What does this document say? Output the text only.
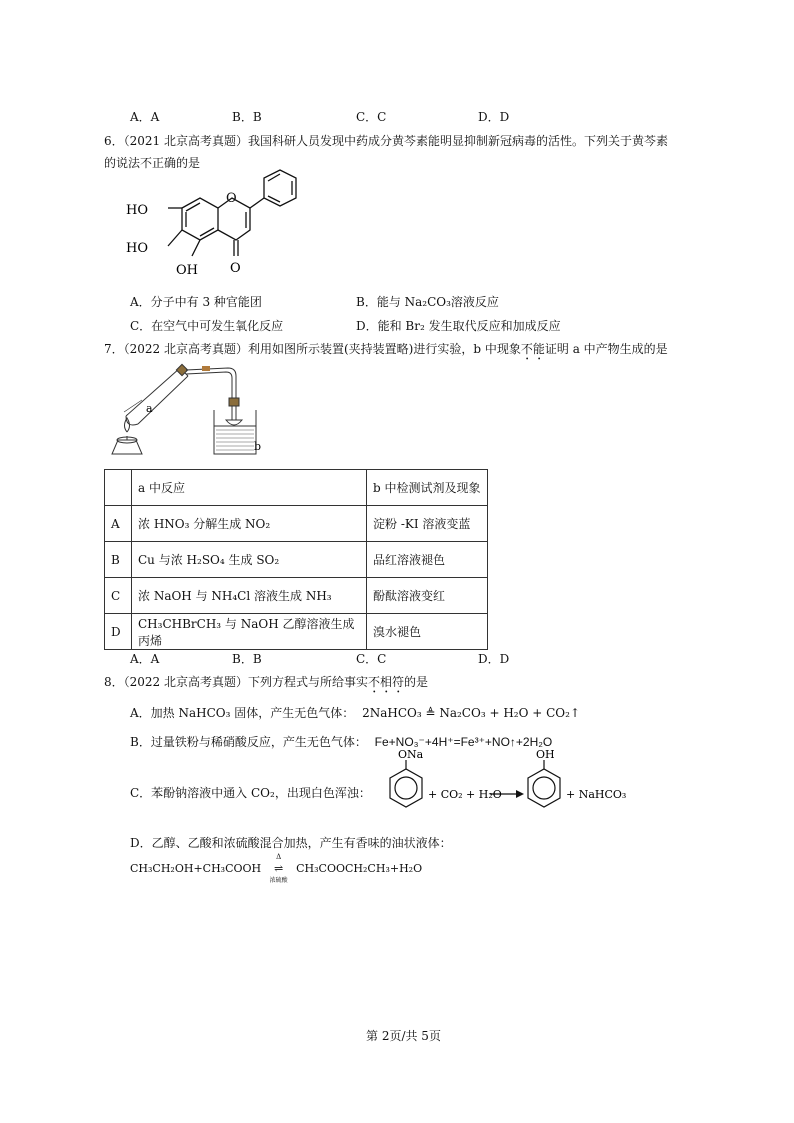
A．A	B．B	C．C	D．D
6．（2021 北京高考真题）我国科研人员发现中药成分黄芩素能明显抑制新冠病毒的活性。下列关于黄芩素
的说法不正确的是
HO
HO
OH
O
O
A．分子中有 3 种官能团	B．能与 Na₂CO₃溶液反应
C．在空气中可发生氧化反应	D．能和 Br₂ 发生取代反应和加成反应
7．（2022 北京高考真题）利用如图所示装置(夹持装置略)进行实验，b 中现象不能证明 a 中产物生成的是
a
b
	a 中反应	b 中检测试剂及现象
A	浓 HNO₃ 分解生成 NO₂	淀粉 -KI 溶液变蓝
B	Cu 与浓 H₂SO₄ 生成 SO₂	品红溶液褪色
C	浓 NaOH 与 NH₄Cl 溶液生成 NH₃	酚酞溶液变红
D	CH₃CHBrCH₃ 与 NaOH 乙醇溶液生成丙烯	溴水褪色
A．A	B．B	C．C	D．D
8．（2022 北京高考真题）下列方程式与所给事实不相符的是
A．加热 NaHCO₃ 固体，产生无色气体： 2NaHCO₃ ≜ Na₂CO₃ + H₂O + CO₂↑
B．过量铁粉与稀硝酸反应，产生无色气体： Fe+NO₃⁻+4H⁺=Fe³⁺+NO↑+2H₂O
C．苯酚钠溶液中通入 CO₂，出现白色浑浊：
ONa
+ CO₂ + H₂O
OH
+ NaHCO₃
D．乙醇、乙酸和浓硫酸混合加热，产生有香味的油状液体：
CH₃CH₂OH+CH₃COOH
Δ
⇌
浓硫酸
CH₃COOCH₂CH₃+H₂O
第 2页/共 5页
